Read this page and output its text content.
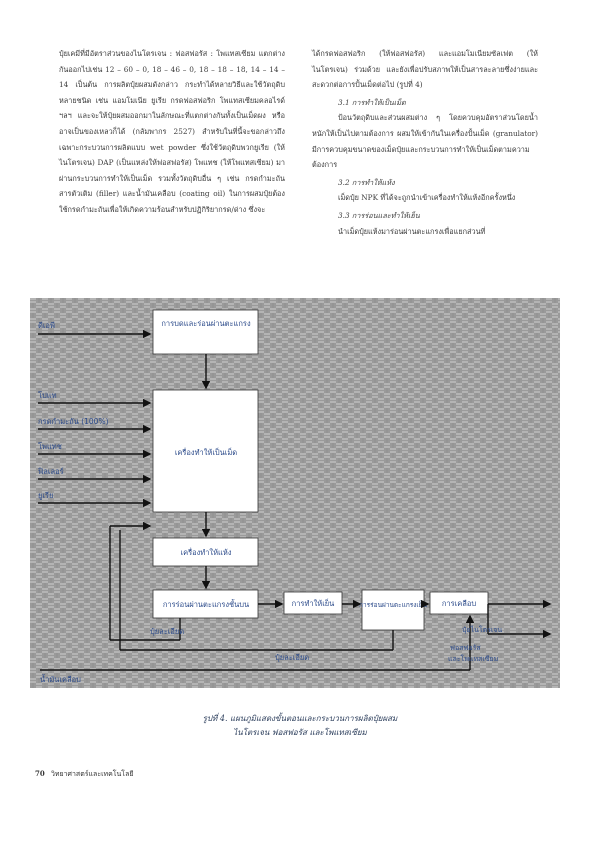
ปุ๋ยเคมีที่มีอัตราส่วนของไนโตรเจน : ฟอสฟอรัส : โพแทสเซียม แตกต่างกันออกไปเช่น 12 – 60 – 0, 18 – 46 – 0, 18 – 18 – 18, 14 – 14 – 14 เป็นต้น การผลิตปุ๋ยผสมดังกล่าว กระทำได้หลายวิธีและใช้วัตถุดิบหลายชนิด เช่น แอมโมเนีย ยูเรีย กรดฟอสฟอริก โพแทสเซียมคลอไรด์ ฯลฯ และจะให้ปุ๋ยผสมออกมาในลักษณะที่แตกต่างกันทั้งเป็นเม็ดผง หรืออาจเป็นของเหลวก็ได้ (กลัมพากร 2527) สำหรับในที่นี้จะขอกล่าวถึงเฉพาะกระบวนการผลิตแบบ wet powder ซึ่งใช้วัตถุดิบพวกยูเรีย (ให้ไนโตรเจน) DAP (เป็นแหล่งให้ฟอสฟอรัส) โพแทช (ให้โพแทสเซียม) มาผ่านกระบวนการทำให้เป็นเม็ด รวมทั้งวัตถุดิบอื่น ๆ เช่น กรดกำมะถัน สารตัวเติม (filler) และน้ำมันเคลือบ (coating oil) ในการผสมปุ๋ยต้องใช้กรดกำมะถันเพื่อให้เกิดความร้อนสำหรับปฏิกิริยากรด/ด่าง ซึ่งจะ

ได้กรดฟอสฟอริก (ให้ฟอสฟอรัส) และแอมโมเนียมซัลเฟต (ให้ไนโตรเจน) ร่วมด้วย และยังเพื่อปรับสภาพให้เป็นสารละลายซึ่งง่ายและสะดวกต่อการปั้นเม็ดต่อไป (รูปที่ 4)

3.1 การทำให้เป็นเม็ด

ป้อนวัตถุดิบและส่วนผสมต่าง ๆ โดยควบคุมอัตราส่วนโดยน้ำหนักให้เป็นไปตามต้องการ ผสมให้เข้ากันในเครื่องปั้นเม็ด (granulator) มีการควบคุมขนาดของเม็ดปุ๋ยและกระบวนการทำให้เป็นเม็ดตามความต้องการ

3.2 การทำให้แห้ง

เม็ดปุ๋ย NPK ที่ได้จะถูกนำเข้าเครื่องทำให้แห้งอีกครั้งหนึ่ง

3.3 การร่อนและทำให้เย็น

นำเม็ดปุ๋ยแห้งมาร่อนผ่านตะแกรงเพื่อแยกส่วนที่

ดีเอพี
โปแท
กรดกำมะถัน (100%)
โพแทช
ฟิลเลอร์
ยูเรีย
การบดและร่อนผ่านตะแกรง
เครื่องทำให้เป็นเม็ด
เครื่องทำให้แห้ง
การร่อนผ่านตะแกรงชั้นบน	การทำให้เย็น	การร่อนผ่านตะแกรงเย็น การเคลือบ
ปุ๋ยละเอียด
ปุ๋ยละเอียด
น้ำมันเคลือบ
ปุ๋ยไนโตรเจน
ฟอสฟอรัส
และโพแทสเซียม
รูปที่ 4. แผนภูมิแสดงขั้นตอนและกระบวนการผลิตปุ๋ยผสม
ไนโตรเจน ฟอสฟอรัส และโพแทสเซียม
70 วิทยาศาสตร์และเทคโนโลยี
